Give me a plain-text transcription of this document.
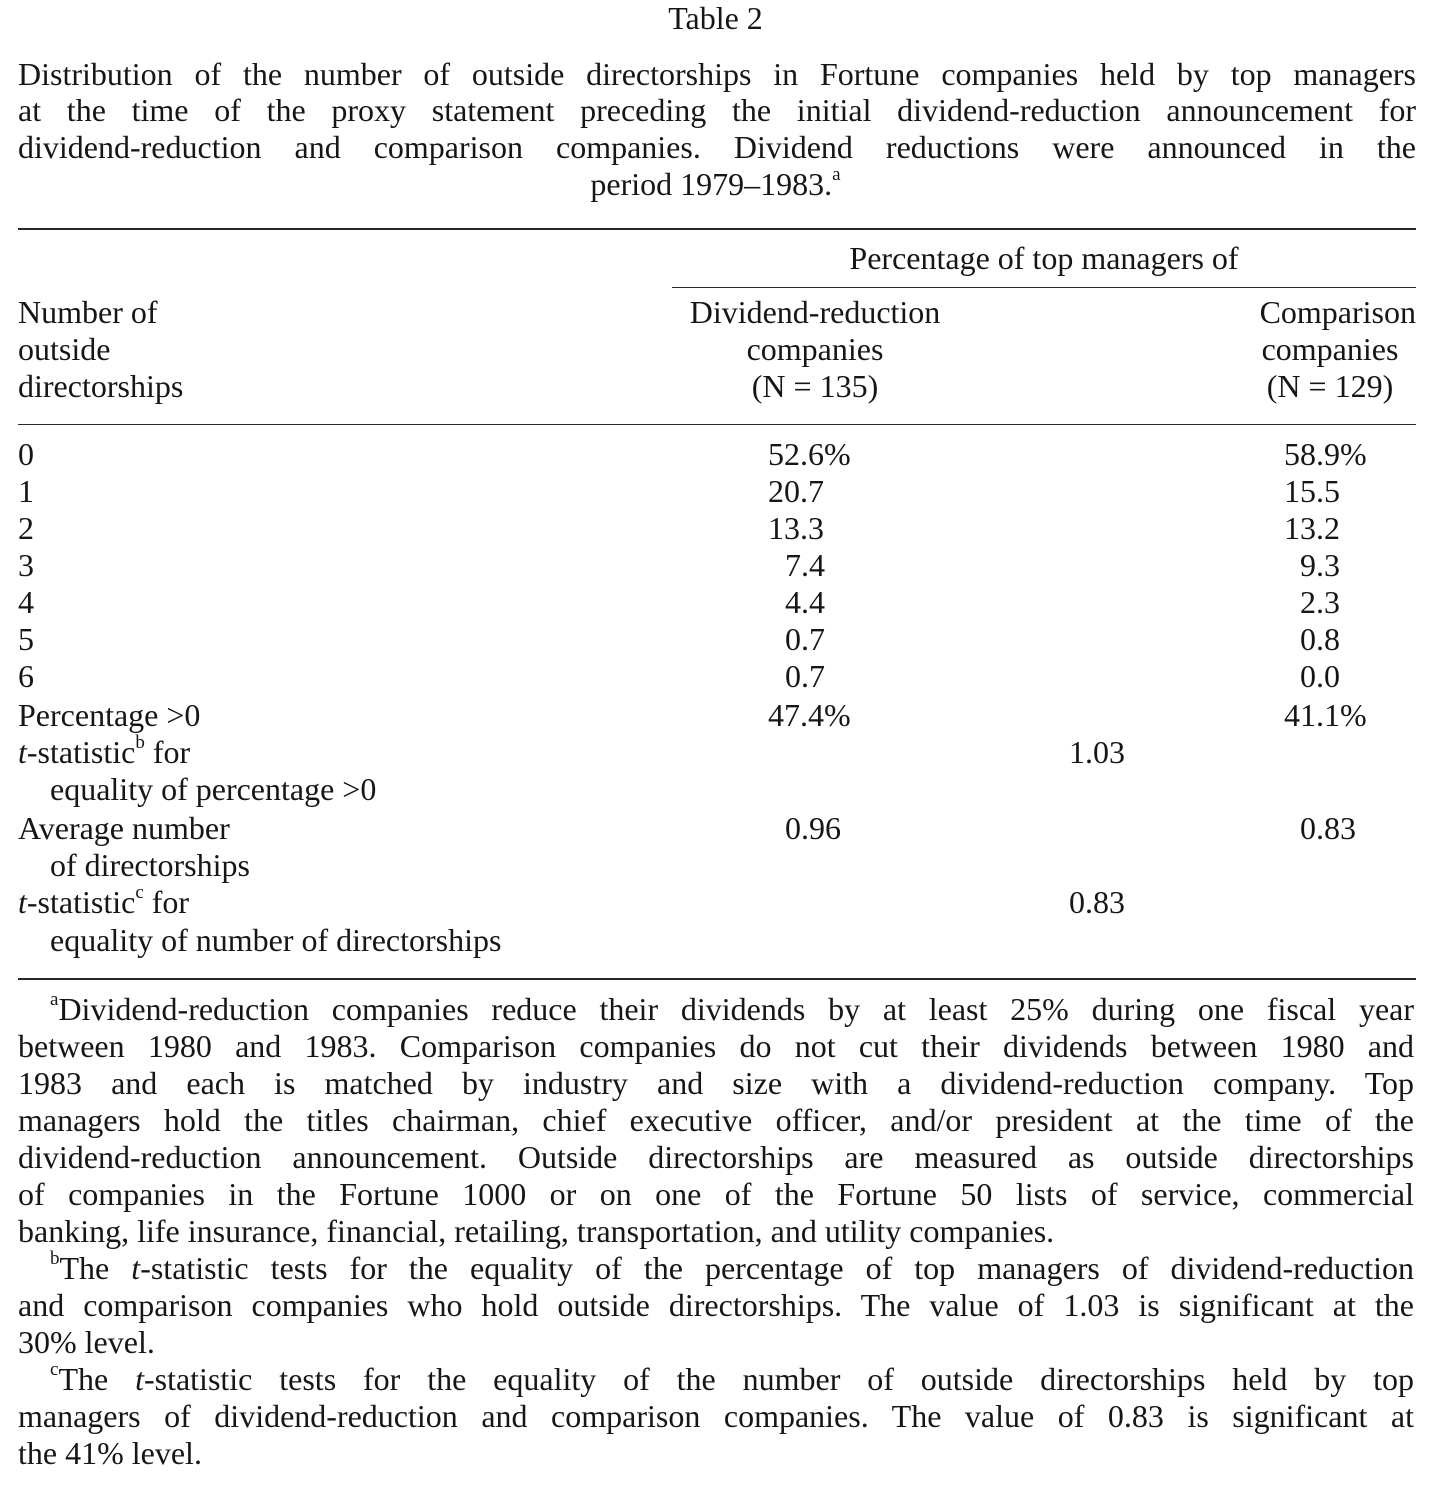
Table 2
Distribution of the number of outside directorships in Fortune companies held by top managers
at the time of the proxy statement preceding the initial dividend-reduction announcement for
dividend-reduction and comparison companies. Dividend reductions were announced in the
period 1979–1983.$^a$
Percentage of top managers of
Number of
outside
directorships
Dividend-reduction
companies
(N = 135)
Comparison
companies
(N = 129)
0	52.6%	58.9%
1	20.7	15.5
2	13.3	13.2
3	7.4	9.3
4	4.4	2.3
5	0.7	0.8
6	0.7	0.0
Percentage >0	47.4%	41.1%
t-statistic$^b$ for	1.03
equality of percentage >0
Average number	0.96	0.83
of directorships
t-statistic$^c$ for	0.83
equality of number of directorships
$^a$Dividend-reduction companies reduce their dividends by at least 25% during one fiscal year
between 1980 and 1983. Comparison companies do not cut their dividends between 1980 and
1983 and each is matched by industry and size with a dividend-reduction company. Top
managers hold the titles chairman, chief executive officer, and/or president at the time of the
dividend-reduction announcement. Outside directorships are measured as outside directorships
of companies in the Fortune 1000 or on one of the Fortune 50 lists of service, commercial
banking, life insurance, financial, retailing, transportation, and utility companies.
$^b$The t-statistic tests for the equality of the percentage of top managers of dividend-reduction
and comparison companies who hold outside directorships. The value of 1.03 is significant at the
30% level.
$^c$The t-statistic tests for the equality of the number of outside directorships held by top
managers of dividend-reduction and comparison companies. The value of 0.83 is significant at
the 41% level.
